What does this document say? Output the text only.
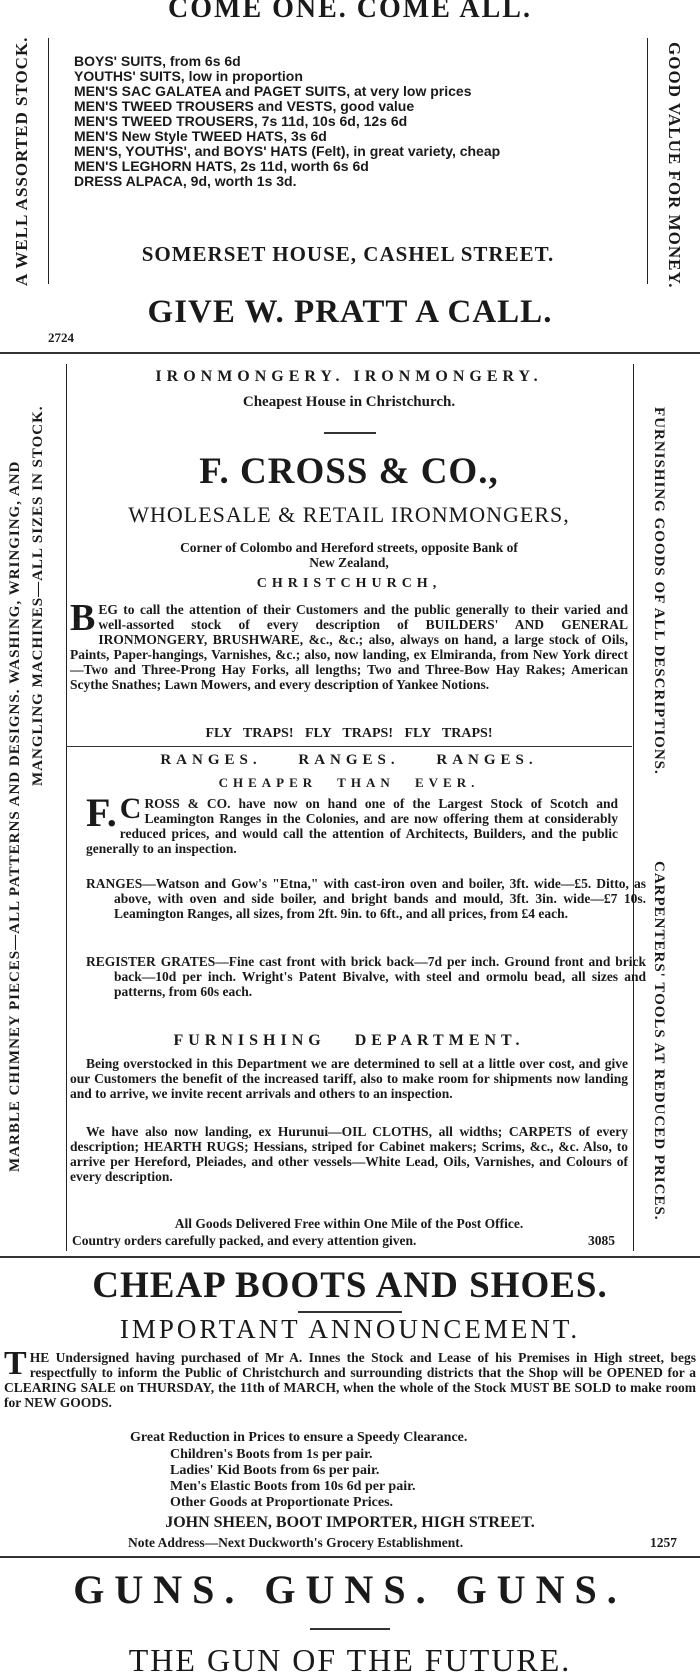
COME ONE. COME ALL.
A WELL ASSORTED STOCK.	GOOD VALUE FOR MONEY.
BOYS' SUITS, from 6s 6d
YOUTHS' SUITS, low in proportion
MEN'S SAC GALATEA and PAGET SUITS, at very low prices
MEN'S TWEED TROUSERS and VESTS, good value
MEN'S TWEED TROUSERS, 7s 11d, 10s 6d, 12s 6d
MEN'S New Style TWEED HATS, 3s 6d
MEN'S, YOUTHS', and BOYS' HATS (Felt), in great variety, cheap
MEN'S LEGHORN HATS, 2s 11d, worth 6s 6d
DRESS ALPACA, 9d, worth 1s 3d.
SOMERSET HOUSE, CASHEL STREET.
GIVE W. PRATT A CALL.
2724
MARBLE CHIMNEY PIECES—ALL PATTERNS AND DESIGNS. WASHING, WRINGING, AND MANGLING MACHINES—ALL SIZES IN STOCK.	FURNISHING GOODS OF ALL DESCRIPTIONS.
CARPENTERS' TOOLS AT REDUCED PRICES.
IRONMONGERY. IRONMONGERY.
Cheapest House in Christchurch.
F. CROSS & CO.,
WHOLESALE & RETAIL IRONMONGERS,
Corner of Colombo and Hereford streets, opposite Bank of
New Zealand,
CHRISTCHURCH,
BEG to call the attention of their Customers and the public generally to their varied and well-assorted stock of every description of BUILDERS' AND GENERAL IRONMONGERY, BRUSHWARE, &c., &c.; also, always on hand, a large stock of Oils, Paints, Paper-hangings, Varnishes, &c.; also, now landing, ex Elmiranda, from New York direct—Two and Three-Prong Hay Forks, all lengths; Two and Three-Bow Hay Rakes; American Scythe Snathes; Lawn Mowers, and every description of Yankee Notions.
FLY TRAPS! FLY TRAPS! FLY TRAPS!
RANGES. RANGES. RANGES.
CHEAPER THAN EVER.
F. C ROSS & CO. have now on hand one of the Largest Stock of Scotch and Leamington Ranges in the Colonies, and are now offering them at considerably reduced prices, and would call the attention of Architects, Builders, and the public generally to an inspection.
RANGES—Watson and Gow's "Etna," with cast-iron oven and boiler, 3ft. wide—£5. Ditto, as above, with oven and side boiler, and bright bands and mould, 3ft. 3in. wide—£7 10s. Leamington Ranges, all sizes, from 2ft. 9in. to 6ft., and all prices, from £4 each.
REGISTER GRATES—Fine cast front with brick back—7d per inch. Ground front and brick back—10d per inch. Wright's Patent Bivalve, with steel and ormolu bead, all sizes and patterns, from 60s each.
FURNISHING DEPARTMENT.
Being overstocked in this Department we are determined to sell at a little over cost, and give our Customers the benefit of the increased tariff, also to make room for shipments now landing and to arrive, we invite recent arrivals and others to an inspection.
We have also now landing, ex Hurunui—OIL CLOTHS, all widths; CARPETS of every description; HEARTH RUGS; Hessians, striped for Cabinet makers; Scrims, &c., &c. Also, to arrive per Hereford, Pleiades, and other vessels—White Lead, Oils, Varnishes, and Colours of every description.
All Goods Delivered Free within One Mile of the Post Office.
Country orders carefully packed, and every attention given.	3085
CHEAP BOOTS AND SHOES.
IMPORTANT ANNOUNCEMENT.
THE Undersigned having purchased of Mr A. Innes the Stock and Lease of his Premises in High street, begs respectfully to inform the Public of Christchurch and surrounding districts that the Shop will be OPENED for a CLEARING SALE on THURSDAY, the 11th of MARCH, when the whole of the Stock MUST BE SOLD to make room for NEW GOODS.
Great Reduction in Prices to ensure a Speedy Clearance.
Children's Boots from 1s per pair.
Ladies' Kid Boots from 6s per pair.
Men's Elastic Boots from 10s 6d per pair.
Other Goods at Proportionate Prices.
JOHN SHEEN, BOOT IMPORTER, HIGH STREET.
Note Address—Next Duckworth's Grocery Establishment.	1257
GUNS. GUNS. GUNS.
THE GUN OF THE FUTURE.
